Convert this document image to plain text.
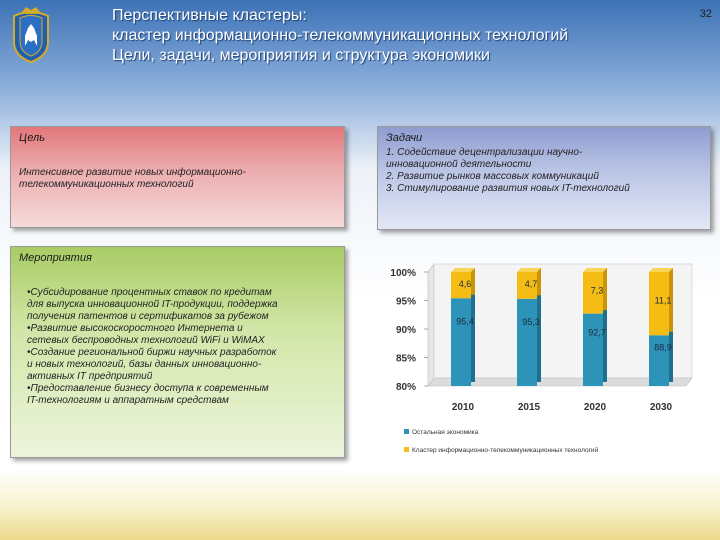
32
Перспективные кластеры:
кластер информационно-телекоммуникационных технологий
Цели, задачи, мероприятия и структура экономики
Цель
Интенсивное развитие новых информационно-
телекоммуникационных технологий
Задачи
1. Содействие децентрализации научно-
инновационной деятельности
2. Развитие рынков массовых коммуникаций
3. Стимулирование развития новых IT-технологий
Мероприятия
•Субсидирование процентных ставок по кредитам
для выпуска инновационной IT-продукции, поддержка
получения патентов и сертификатов за рубежом
•Развитие высокоскоростного Интернета и
сетевых беспроводных технологий WiFi и WiMAX
•Создание региональной биржи научных разработок
и новых технологий, базы данных инновационно-
активных IT предприятий
•Предоставление бизнесу доступа к современным
IT-технологиям и аппаратным средствам
80%
85%
90%
95%
100%
95,4
4,6
2010
95,3
4,7
2015
92,7
7,3
2020
88,9
11,1
2030
Остальная экономика
Кластер информационно-телекоммуникационных технологий
